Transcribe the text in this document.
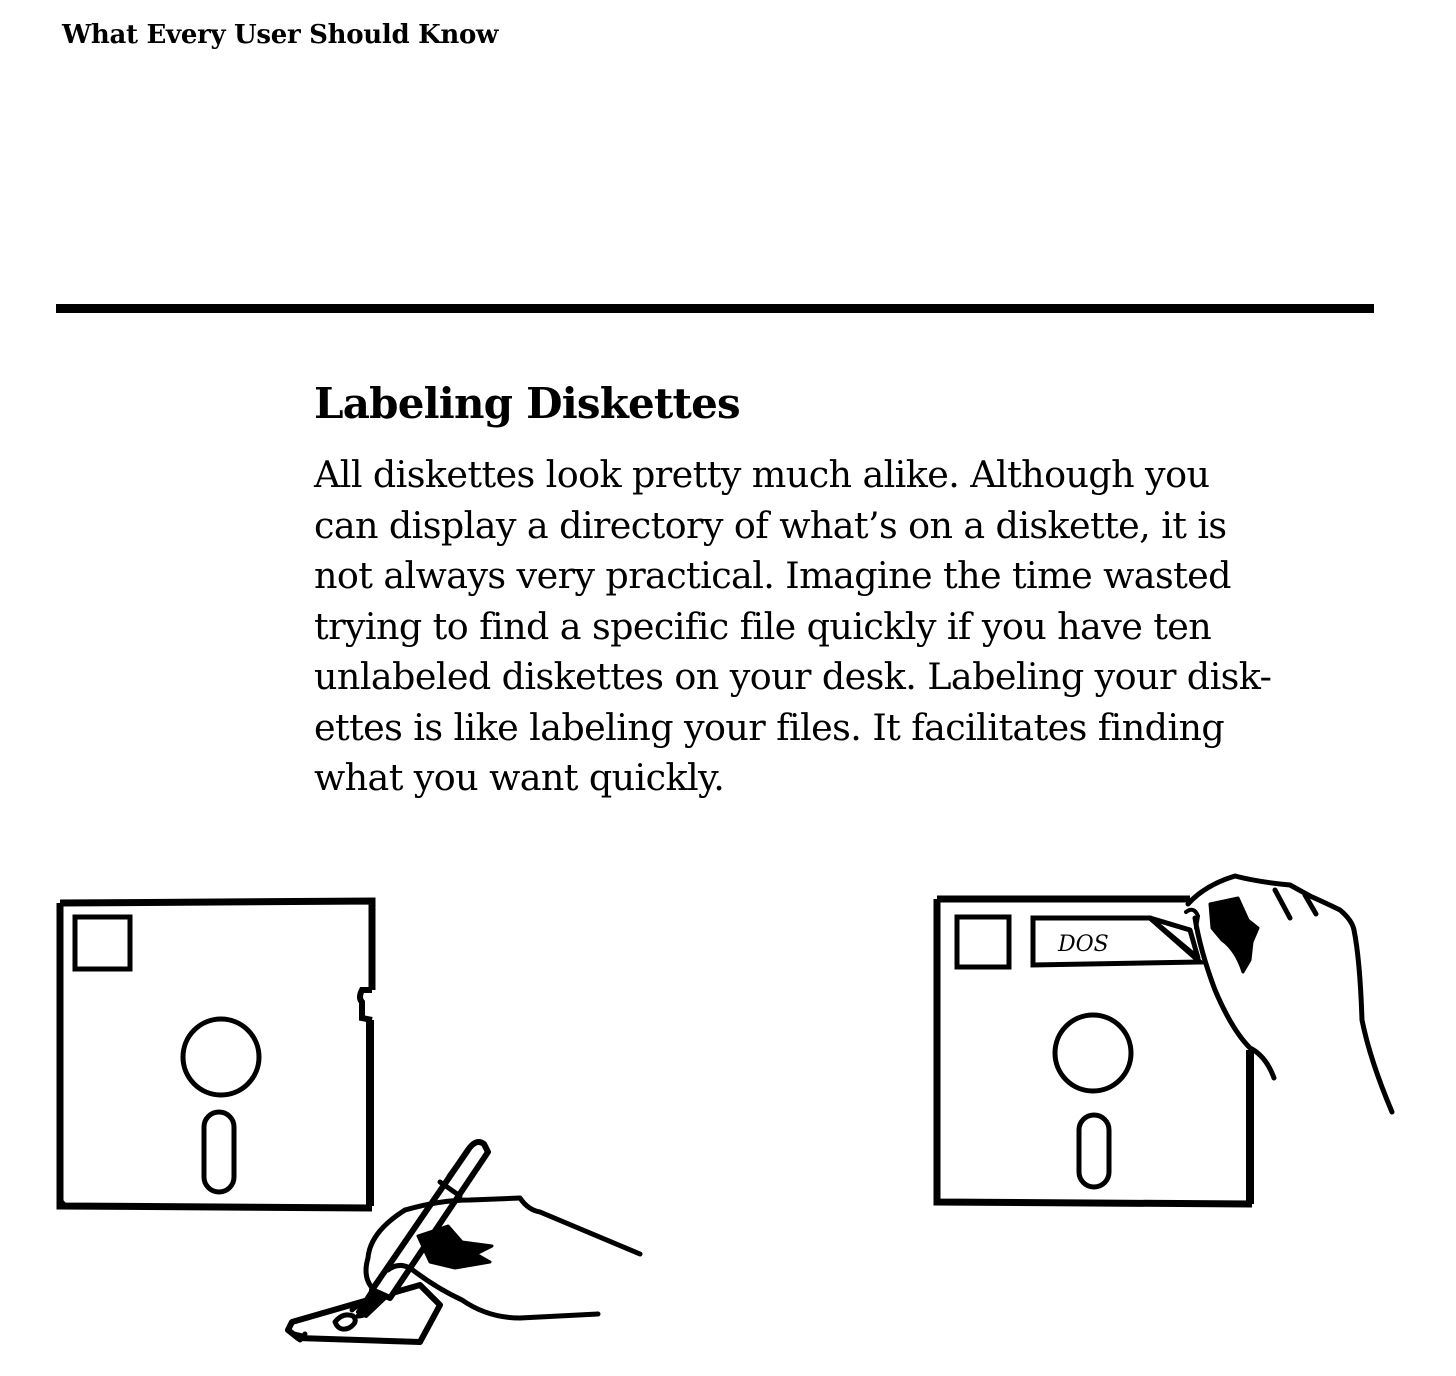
What Every User Should Know
Labeling Diskettes

All diskettes look pretty much alike. Although you
can display a directory of what’s on a diskette, it is
not always very practical. Imagine the time wasted
trying to find a specific file quickly if you have ten
unlabeled diskettes on your desk. Labeling your disk-
ettes is like labeling your files. It facilitates finding
what you want quickly.

DOS
